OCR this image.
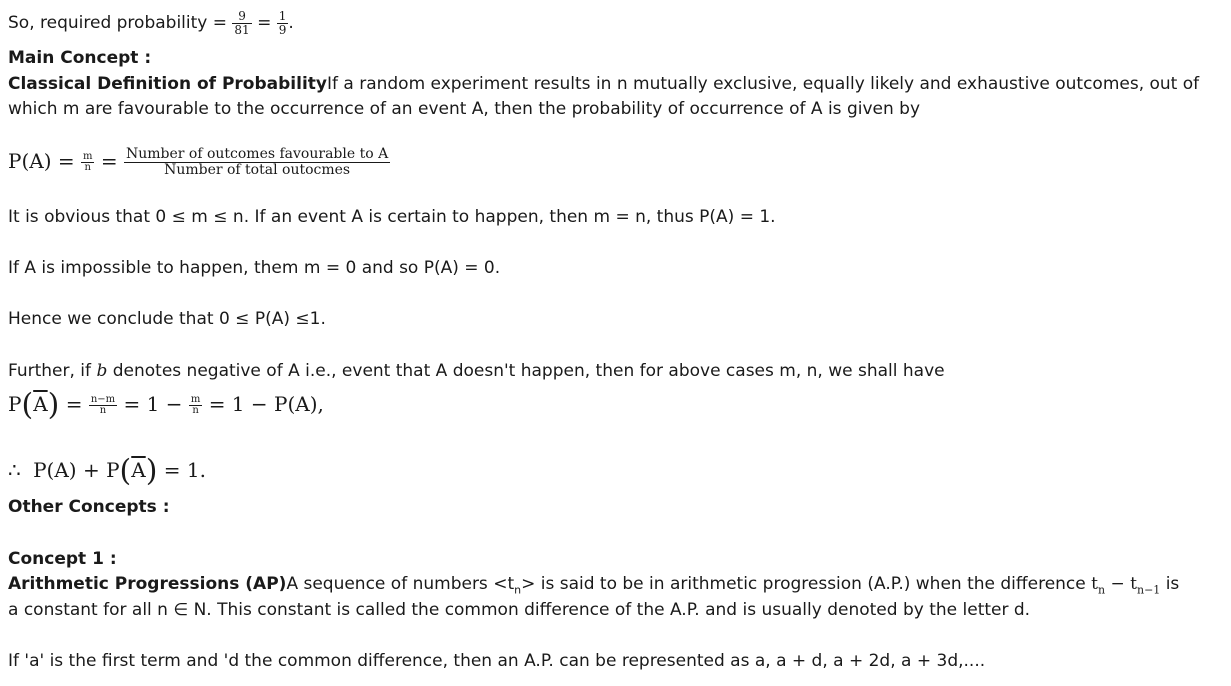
So, required probability = $\frac{9}{81} = \frac{1}{9}$ .
Main Concept :
Classical Definition of ProbabilityIf a random experiment results in n mutually exclusive, equally likely and exhaustive outcomes, out of
which m are favourable to the occurrence of an event A, then the probability of occurrence of A is given by
$P(A) = \frac{m}{n} = \frac{\text{Number of outcomes favourable to A}}{\text{Number of total outocmes}}$
It is obvious that 0 ≤ m ≤ n. If an event A is certain to happen, then m = n, thus P(A) = 1.
If A is impossible to happen, them m = 0 and so P(A) = 0.
Hence we conclude that 0 ≤ P(A) ≤1.
Further, if b denotes negative of A i.e., event that A doesn't happen, then for above cases m, n, we shall have
$P(\overline{A}) = \frac{n-m}{n} = 1 - \frac{m}{n} = 1 - P(A)$,
∴ $P(A) + P(\overline{A}) = 1$.
Other Concepts :
Concept 1 :
Arithmetic Progressions (AP)A sequence of numbers $<t_n>$ is said to be in arithmetic progression (A.P.) when the difference $t_n - t_{n-1}$ is
a constant for all n ∈ N. This constant is called the common difference of the A.P. and is usually denoted by the letter d.
If 'a' is the first term and 'd the common difference, then an A.P. can be represented as a, a + d, a + 2d, a + 3d,....
